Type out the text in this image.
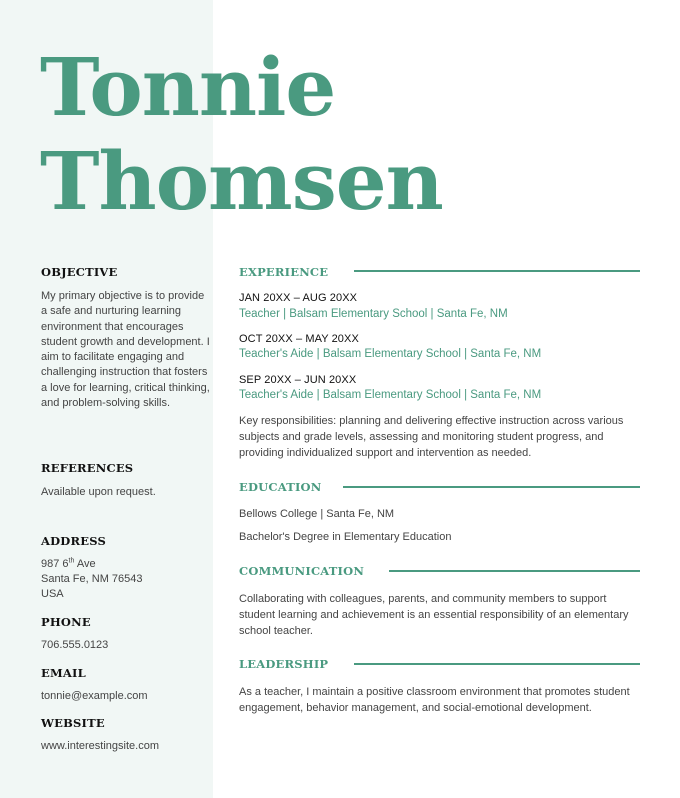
Tonnie
Thomsen
OBJECTIVE
My primary objective is to provide a safe and nurturing learning environment that encourages student growth and development. I aim to facilitate engaging and challenging instruction that fosters a love for learning, critical thinking, and problem-solving skills.
REFERENCES
Available upon request.
ADDRESS
987 6th Ave
Santa Fe, NM 76543
USA
PHONE
706.555.0123
EMAIL
tonnie@example.com
WEBSITE
www.interestingsite.com
EXPERIENCE
JAN 20XX – AUG 20XX
Teacher | Balsam Elementary School | Santa Fe, NM
OCT 20XX – MAY 20XX
Teacher's Aide | Balsam Elementary School | Santa Fe, NM
SEP 20XX – JUN 20XX
Teacher's Aide | Balsam Elementary School | Santa Fe, NM
Key responsibilities: planning and delivering effective instruction across various subjects and grade levels, assessing and monitoring student progress, and providing individualized support and intervention as needed.
EDUCATION
Bellows College | Santa Fe, NM
Bachelor's Degree in Elementary Education
COMMUNICATION
Collaborating with colleagues, parents, and community members to support student learning and achievement is an essential responsibility of an elementary school teacher.
LEADERSHIP
As a teacher, I maintain a positive classroom environment that promotes student engagement, behavior management, and social-emotional development.
